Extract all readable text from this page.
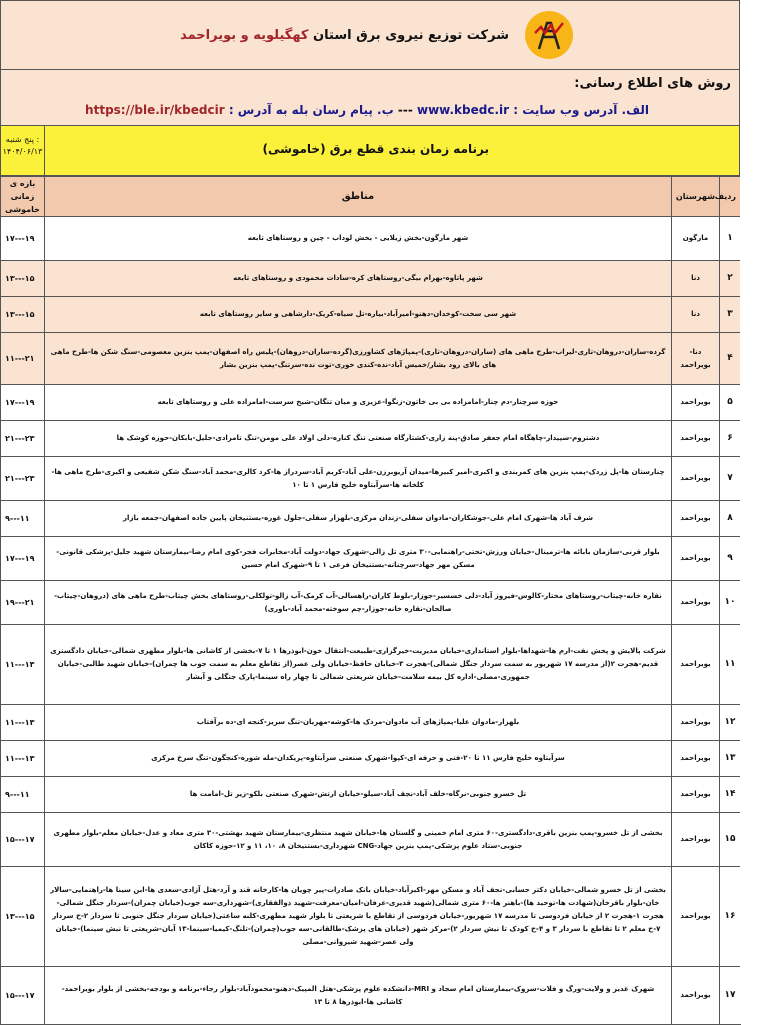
شرکت توزیع نیروی برق استان کهگیلویه و بویراحمد
روش های اطلاع رسانی:
الف. آدرس وب سایت : www.kbedc.ir --- ب. پیام رسان بله به آدرس : https://ble.ir/kbedcir
برنامه زمان بندی قطع برق (خاموشی)
پنج شنبه :
۱۴۰۴/۰۶/۱۳
ردیف	شهرستان	مناطق	بازه ی زمانی خاموشی
۱	مارگون	شهر مارگون-بخش زیلایی - بخش لوداب - چین و روستاهای تابعه	۱۷---۱۹
۲	دنا	شهر پاتاوه-بهرام بیگی-روستاهای کره-سادات محمودی و روستاهای تابعه	۱۳---۱۵
۳	دنا	شهر سی سخت-کوخدان-دهنو-امیرآباد-بیاره-تل سیاه-کریک-دارشاهی و سایر روستاهای تابعه	۱۳---۱۵
۴	دنا-بویراحمد	گرده-ساران-دروهان-تاری-لیراب-طرح ماهی های (ساران-دروهان-تاری)-پمپاژهای کشاورزی(گرده-ساران-دروهان)-پلیس راه اصفهان-پمپ بنزین معصومی-سنگ شکن ها-طرح ماهی های بالای رود بشار/خمیس آباد-نده-کندی خوری-توت نده-سرتنگ-پمپ بنزین بشار	۱۱---۲۱
۵	بویراحمد	حوزه سرچنار-دم چنار-امامزاده بی بی خاتون-زنگوا-عزیزی و میان تنگان-شیخ سرست-امامزاده علی و روستاهای تابعه	۱۷---۱۹
۶	بویراحمد	دشتروم-سپیدار-چاهگاه امام جعفر صادق-پنه زاری-کشتارگاه صنعتی تنگ کناره-دلی اولاد علی مومن-تنگ تامرادی-جلیل-بابکان-حوزه کوشک ها	۲۱---۲۳
۷	بویراحمد	چنارستان ها-پل زردک-پمپ بنزین های کمربندی و اکبری-امیر کبیرها-میدان آریوبرزن-علی آباد-کریم آباد-سردراز ها-کرد کالری-محمد آباد-سنگ شکن شفیعی و اکبری-طرح ماهی ها-کلخانه ها-سرآبتاوه خلیج فارس ۱ تا ۱۰	۲۱---۲۳
۸	بویراحمد	شرف آباد ها-شهرک امام علی-جوشکاران-مادوان سفلی-زندان مرکزی-بلهزار سفلی-جلول غوره-بستنیخان پایین جاده اصفهان-جمعه بازار	۹---۱۱
۹	بویراحمد	بلوار قرنی-سازمان بابائه ها-ترمینال-خیابان ورزش-تختی-راهنمایی-۳۰ متری تل زالی-شهرک جهاد-دولت آباد-مخابرات فجر-کوی امام رضا-بیمارستان شهید جلیل-پزشکی قانونی-مسکن مهر جهاد-سرچنانه-بستنیخان فرعی ۱ تا ۹-شهرک امام حسین	۱۷---۱۹
۱۰	بویراحمد	نقاره خانه-چیتاب-روستاهای مختار-کالوس-فیروز آباد-دلی خسسیر-جوزار-بلوط کاران-راهسالی-آب کرمک-آب زالو-تولکلی-روستاهای بخش چیتاب-طرح ماهی های (دروهان-چیتاب-صالحان-نقاره خانه-جوزار-چم سوخته-محمد آباد-باوری)	۱۹---۲۱
۱۱	بویراحمد	شرکت پالایش و پخش نفت-ارم ها-شهداها-بلوار استانداری-خیابان مدیریت-خیرگزاری-طبیعت-انتقال خون-ابوذرها ۱ تا ۷-بخشی از کاشانی ها-بلوار مطهری شمالی-خیابان دادگستری قدیم-هجرت ۲(از مدرسه ۱۷ شهریور به سمت سردار جنگل شمالی)-هجرت ۳-خیابان حافظ-خیابان ولی عصر(از تقاطع معلم به سمت جوب ها چمران)-خیابان شهید طالبی-خیابان جمهوری-مصلی-اداره کل بیمه سلامت-خیابان شریعتی شمالی تا چهار راه سینما-پارک جنگلی و آبشار	۱۱---۱۳
۱۲	بویراحمد	بلهزار-مادوان علیا-پمپاژهای آب مادوان-مردک ها-کوشه-مهریان-تنگ سریز-کنجه ای-ده برآفتاب	۱۱---۱۳
۱۳	بویراحمد	سرآبتاوه خلیج فارس ۱۱ تا ۲۰-فنی و حرفه ای-کپوا-شهرک صنعتی سرآبتاوه-پریکدان-مله شوره-کنجگون-تنگ سرخ مرکزی	۱۱---۱۳
۱۴	بویراحمد	تل خسرو جنوبی-نرگاه-خلف آباد-نجف آباد-سیلو-خیابان ارتش-شهرک صنعتی بلکو-زیر تل-امامت ها	۹---۱۱
۱۵	بویراحمد	بخشی از تل خسرو-پمپ بنزین باقری-دادگستری-۶۰ متری امام خمینی و گلستان ها-خیابان شهید منتظری-بیمارستان شهید بهشتی-۳۰ متری معاد و عدل-خیابان معلم-بلوار مطهری جنوبی-ستاد علوم پزشکی-پمپ بنزین جهاد-CNG شهرداری-بستنیخان ۸، ۱۰، ۱۱ و ۱۲-حوزه کاکان	۱۵---۱۷
۱۶	بویراحمد	بخشی از تل خسرو شمالی-خیابان دکتر حسابی-نجف آباد و مسکن مهر-اکبرآباد-خیابان بانک صادرات-پیر چویان ها-کارخانه قند و آرد-هتل آزادی-سعدی ها-ابن سینا ها-راهنمایی-سالار خان-بلوار باقرخان(شهادت ها-توحید ها)-باهنر ها-۶۰ متری شمالی(شهید قدیری-عرفان-امیان-معرفت-شهید ذوالفقاری)-شهرداری-سه جوب(خیابان چمران)-سردار جنگل شمالی-هجرت ۱-هجرت ۲ از خیابان فردوسی تا مدرسه ۱۷ شهریور-خیابان فردوسی از تقاطع با شریعتی تا بلوار شهید مطهری-کلنه ساعتی(خیابان سردار جنگل جنوبی تا سردار ۲-ح سردار ۷-ح معلم ۲ تا تقاطع با سردار ۳ و ۴-ح کودک تا نیش سردار ۲)-مرکز شهر (خیابان های پزشک-طالقانی-سه جوب(چمران)-تلنگ-کیمیا-سینما-۱۳ آبان-شریعتی تا نبش سینما)-خیابان ولی عصر-شهید شیروانی-مصلی	۱۳---۱۵
۱۷	بویراحمد	شهرک غدیر و ولایت-ورگ و فلات-سروک-بیمارستان امام سجاد و MRI-دانشکده علوم پزشکی-هتل المپیک-دهنو-محمودآباد-بلوار رجاء-برنامه و بودجه-بخشی از بلوار بویراحمد-کاشانی ها-ابوذرها ۸ تا ۱۳	۱۵---۱۷
